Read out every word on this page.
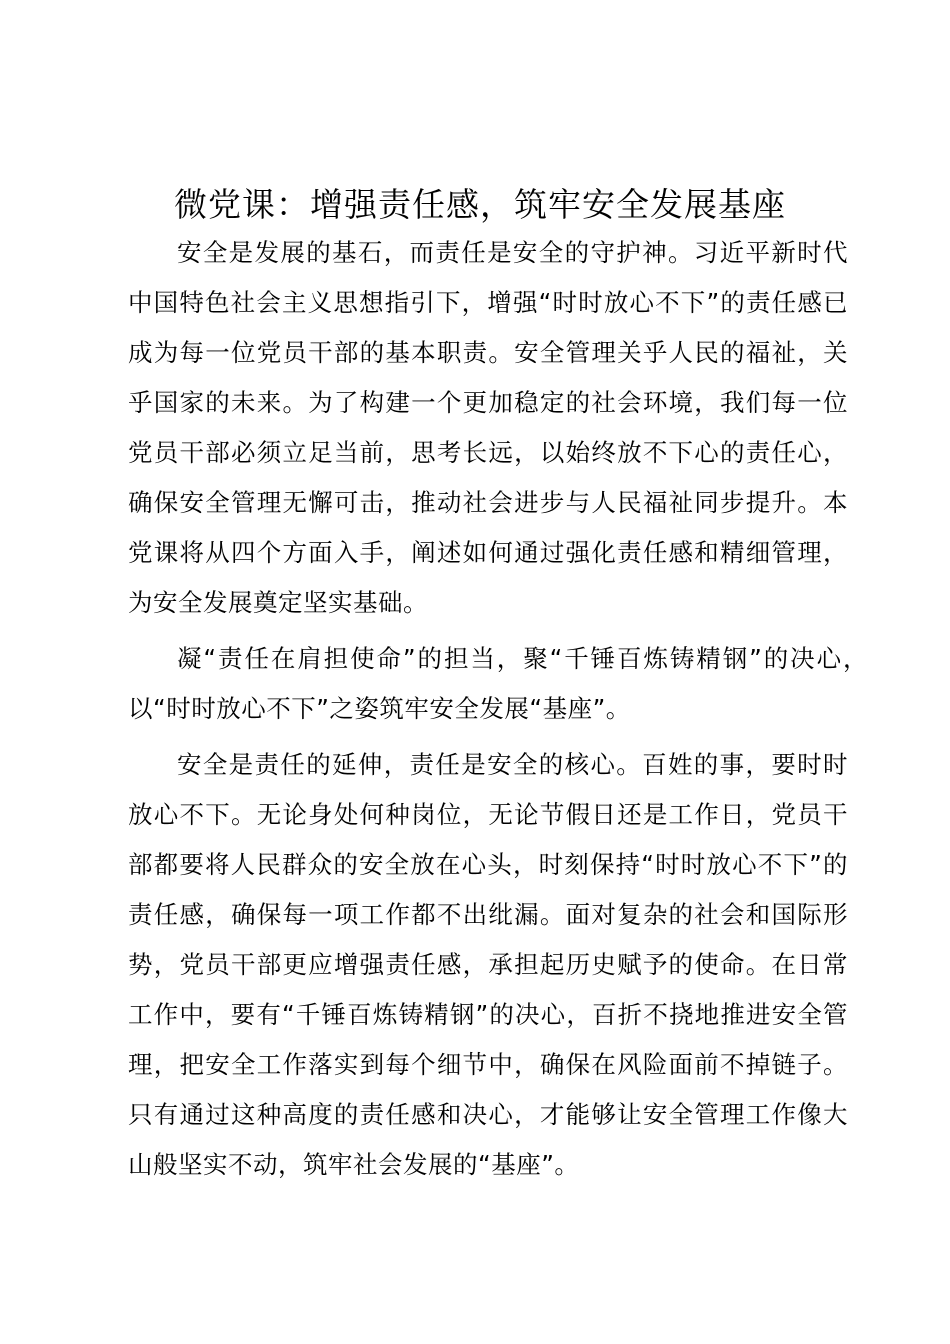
微党课：增强责任感，筑牢安全发展基座

安全是发展的基石，而责任是安全的守护神。习近平新时代中国特色社会主义思想指引下，增强“时时放心不下”的责任感已成为每一位党员干部的基本职责。安全管理关乎人民的福祉，关乎国家的未来。为了构建一个更加稳定的社会环境，我们每一位党员干部必须立足当前，思考长远，以始终放不下心的责任心，确保安全管理无懈可击，推动社会进步与人民福祉同步提升。本党课将从四个方面入手，阐述如何通过强化责任感和精细管理，为安全发展奠定坚实基础。

凝“责任在肩担使命”的担当，聚“千锤百炼铸精钢”的决心，以“时时放心不下”之姿筑牢安全发展“基座”。

安全是责任的延伸，责任是安全的核心。百姓的事，要时时放心不下。无论身处何种岗位，无论节假日还是工作日，党员干部都要将人民群众的安全放在心头，时刻保持“时时放心不下”的责任感，确保每一项工作都不出纰漏。面对复杂的社会和国际形势，党员干部更应增强责任感，承担起历史赋予的使命。在日常工作中，要有“千锤百炼铸精钢”的决心，百折不挠地推进安全管理，把安全工作落实到每个细节中，确保在风险面前不掉链子。只有通过这种高度的责任感和决心，才能够让安全管理工作像大山般坚实不动，筑牢社会发展的“基座”。
